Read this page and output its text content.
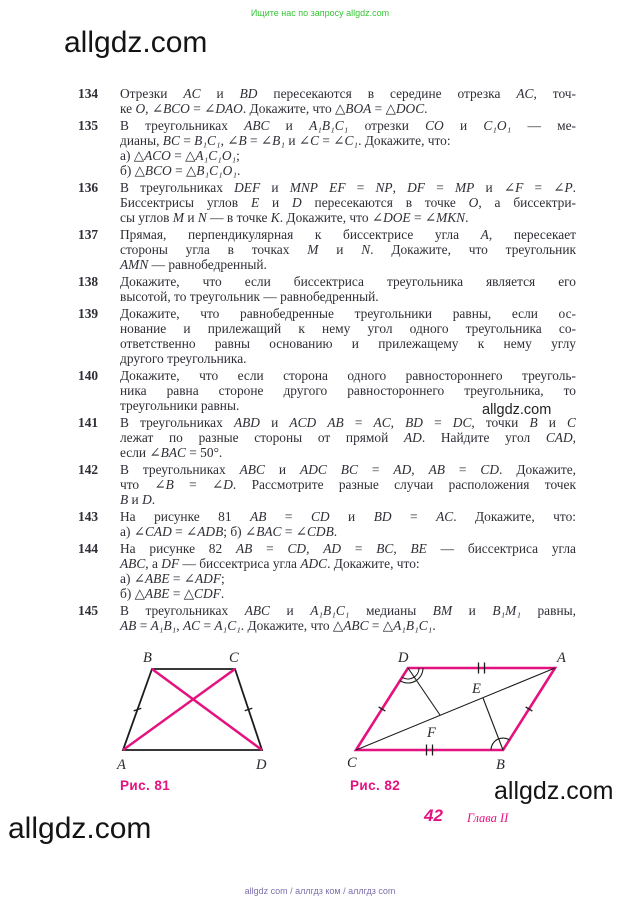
Ищите нас по запросу allgdz.com
allgdz.com
134	Отрезки AC и BD пересекаются в середине отрезка AC, точ-
ке O, ∠BCO = ∠DAO. Докажите, что △BOA = △DOC.
135	В треугольниках ABC и A₁B₁C₁ отрезки CO и C₁O₁ — ме-
дианы, BC = B₁C₁, ∠B = ∠B₁ и ∠C = ∠C₁. Докажите, что:
а) △ACO = △A₁C₁O₁;
б) △BCO = △B₁C₁O₁.
136	В треугольниках DEF и MNP EF = NP, DF = MP и ∠F = ∠P.
Биссектрисы углов E и D пересекаются в точке O, а биссектри-
сы углов M и N — в точке K. Докажите, что ∠DOE = ∠MKN.
137	Прямая, перпендикулярная к биссектрисе угла A, пересекает
стороны угла в точках M и N. Докажите, что треугольник
AMN — равнобедренный.
138	Докажите, что если биссектриса треугольника является его
высотой, то треугольник — равнобедренный.
139	Докажите, что равнобедренные треугольники равны, если ос-
нование и прилежащий к нему угол одного треугольника со-
ответственно равны основанию и прилежащему к нему углу
другого треугольника.
140	Докажите, что если сторона одного равностороннего треуголь-
ника равна стороне другого равностороннего треугольника, то
треугольники равны.
141	В треугольниках ABD и ACD AB = AC, BD = DC, точки B и C
лежат по разные стороны от прямой AD. Найдите угол CAD,
если ∠BAC = 50°.
142	В треугольниках ABC и ADC BC = AD, AB = CD. Докажите,
что ∠B = ∠D. Рассмотрите разные случаи расположения точек
B и D.
143	На рисунке 81 AB = CD и BD = AC. Докажите, что:
а) ∠CAD = ∠ADB; б) ∠BAC = ∠CDB.
144	На рисунке 82 AB = CD, AD = BC, BE — биссектриса угла
ABC, а DF — биссектриса угла ADC. Докажите, что:
а) ∠ABE = ∠ADF;
б) △ABE = △CDF.
145	В треугольниках ABC и A₁B₁C₁ медианы BM и B₁M₁ равны,
AB = A₁B₁, AC = A₁C₁. Докажите, что △ABC = △A₁B₁C₁.
allgdz.com
B	C
A	D
Рис. 81
D	A
C	B
E
F
Рис. 82	allgdz.com
42 Глава II
allgdz.com
allgdz com / аллгдз ком / аллгдз com
